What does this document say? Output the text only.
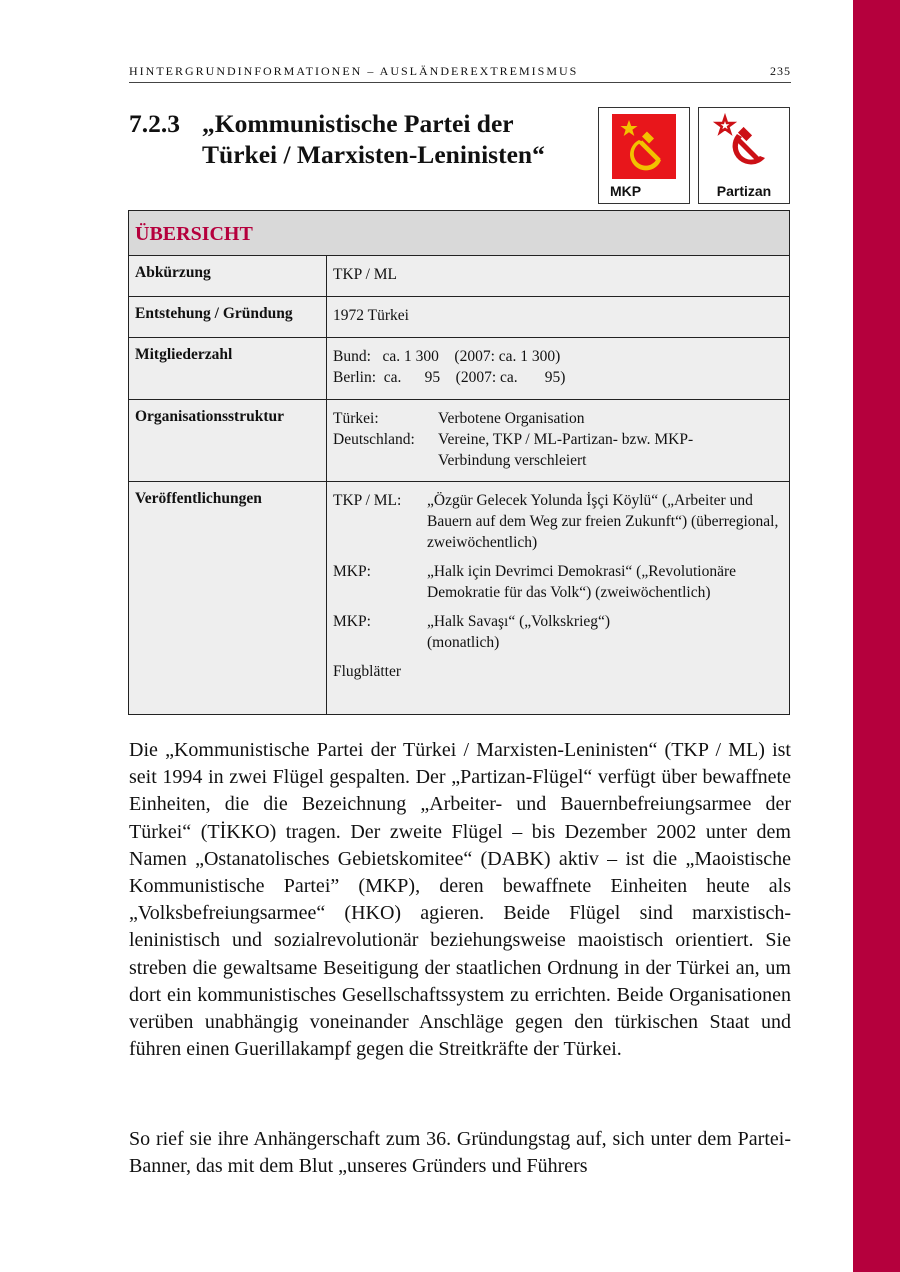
HINTERGRUNDINFORMATIONEN – AUSLÄNDEREXTREMISMUS	235
7.2.3 „Kommunistische Partei der
Türkei / Marxisten-Leninisten“
MKP	Partizan
ÜBERSICHT
Abkürzung	TKP / ML
Entstehung / Gründung	1972 Türkei
Mitgliederzahl	Bund:   ca. 1 300    (2007: ca. 1 300)
Berlin:  ca.      95    (2007: ca.       95)
Organisationsstruktur	Türkei:	Verbotene Organisation
Deutschland:	Vereine, TKP / ML-Partizan- bzw. MKP-Verbindung verschleiert
Veröffentlichungen	TKP / ML:	„Özgür Gelecek Yolunda İşçi Köylü“ („Arbeiter und Bauern auf dem Weg zur freien Zukunft“) (überregional, zweiwöchentlich)
MKP:	„Halk için Devrimci Demokrasi“ („Revolutionäre Demokratie für das Volk“) (zweiwöchentlich)
MKP:	„Halk Savaşı“ („Volkskrieg“) (monatlich)
Flugblätter
Die „Kommunistische Partei der Türkei / Marxisten-Leninisten“ (TKP / ML) ist seit 1994 in zwei Flügel gespalten. Der „Partizan-Flügel“ verfügt über bewaffnete Einheiten, die die Bezeichnung „Arbeiter- und Bauernbefreiungsarmee der Türkei“ (TİKKO) tragen. Der zweite Flügel – bis Dezember 2002 unter dem Namen „Ostanatolisches Gebietskomitee“ (DABK) aktiv – ist die „Maoistische Kommunistische Partei” (MKP), deren bewaffnete Einheiten heute als „Volksbefreiungsarmee“ (HKO) agieren. Beide Flügel sind marxistisch-leninistisch und sozialrevolutionär beziehungsweise maoistisch orientiert. Sie streben die gewaltsame Beseitigung der staatlichen Ordnung in der Türkei an, um dort ein kommunistisches Gesellschaftssystem zu errichten. Beide Organisationen verüben unabhängig voneinander Anschläge gegen den türkischen Staat und führen einen Guerillakampf gegen die Streitkräfte der Türkei.
So rief sie ihre Anhängerschaft zum 36. Gründungstag auf, sich unter dem Partei-Banner, das mit dem Blut „unseres Gründers und Führers
